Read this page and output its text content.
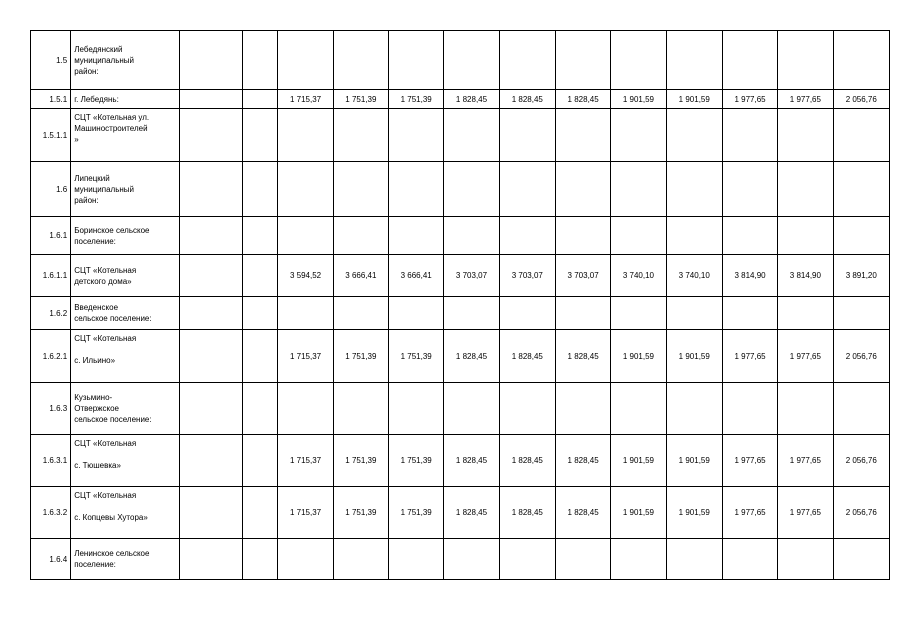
1.5	Лебедянский
муниципальный
район:													

1.5.1	г. Лебедянь:			1 715,37	1 751,39	1 751,39	1 828,45	1 828,45	1 828,45	1 901,59	1 901,59	1 977,65	1 977,65	2 056,76
1.5.1.1	СЦТ «Котельная ул.
Машиностроителей
»													

1.6	Липецкий
муниципальный
район:													

1.6.1	Боринское сельское
поселение:													

1.6.1.1	СЦТ «Котельная
детского дома»			3 594,52	3 666,41	3 666,41	3 703,07	3 703,07	3 703,07	3 740,10	3 740,10	3 814,90	3 814,90	3 891,20
1.6.2	Введенское
сельское поселение:													

1.6.2.1	СЦТ «Котельная

с. Ильино»			1 715,37	1 751,39	1 751,39	1 828,45	1 828,45	1 828,45	1 901,59	1 901,59	1 977,65	1 977,65	2 056,76
1.6.3	Кузьмино-
Отвержское
сельское поселение:													

1.6.3.1	СЦТ «Котельная

с. Тюшевка»			1 715,37	1 751,39	1 751,39	1 828,45	1 828,45	1 828,45	1 901,59	1 901,59	1 977,65	1 977,65	2 056,76
1.6.3.2	СЦТ «Котельная

с. Копцевы Хутора»			1 715,37	1 751,39	1 751,39	1 828,45	1 828,45	1 828,45	1 901,59	1 901,59	1 977,65	1 977,65	2 056,76
1.6.4	Ленинское сельское
поселение:													
